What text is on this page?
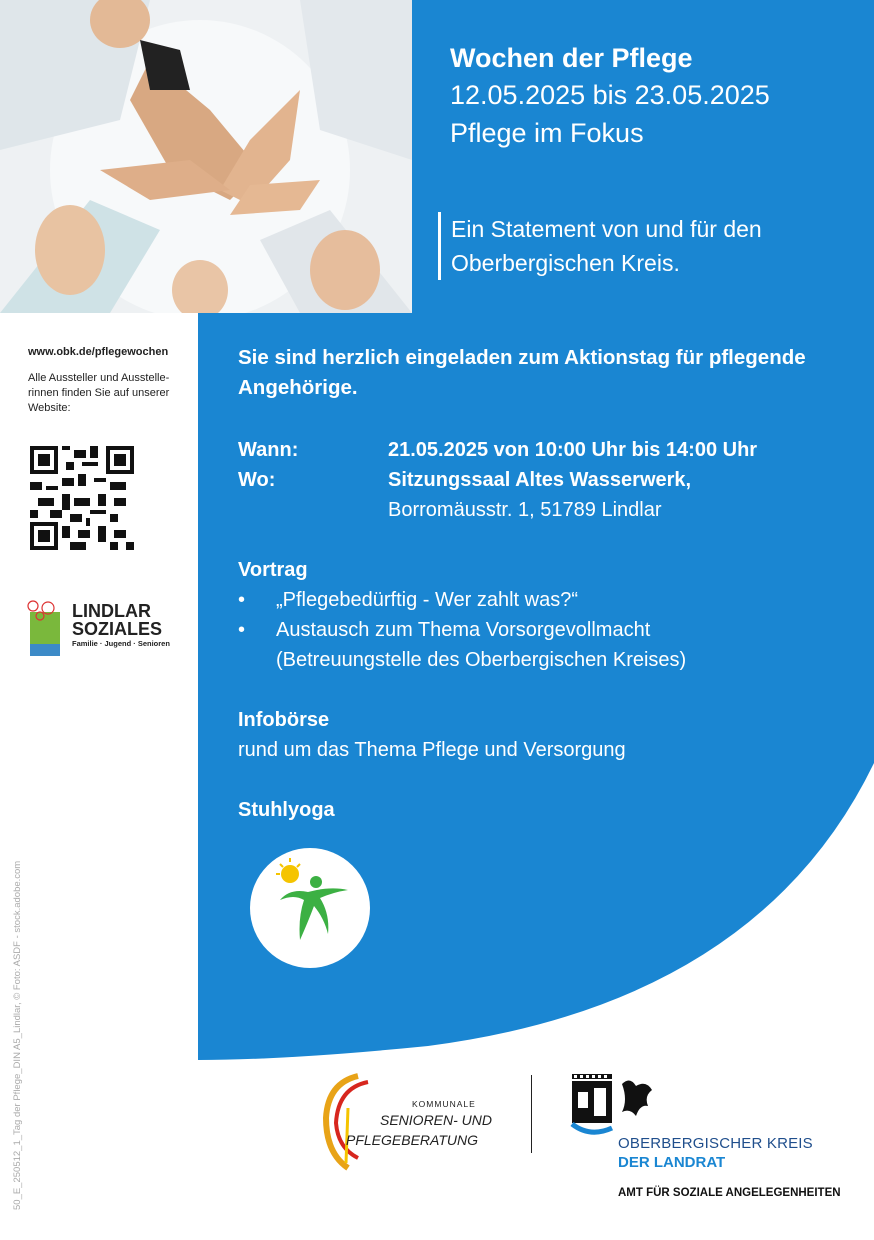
Wochen der Pflege
12.05.2025 bis 23.05.2025
Pflege im Fokus
Ein Statement von und für den
Oberbergischen Kreis.
www.obk.de/pflegewochen
Alle Aussteller und Ausstelle-
rinnen finden Sie auf unserer
Website:
LINDLAR
SOZIALES
Familie · Jugend · Senioren
50_E_250512_1_Tag der Pflege_DIN A5_Lindlar, © Foto: ASDF - stock.adobe.com
Sie sind herzlich eingeladen zum Aktionstag für pflegende
Angehörige.
Wann:	21.05.2025 von 10:00 Uhr bis 14:00 Uhr
Wo:	Sitzungssaal Altes Wasserwerk,
Borromäusstr. 1, 51789 Lindlar
Vortrag
•	„Pflegebedürftig - Wer zahlt was?“
•	Austausch zum Thema Vorsorgevollmacht
(Betreuungstelle des Oberbergischen Kreises)
Infobörse
rund um das Thema Pflege und Versorgung
Stuhlyoga
KOMMUNALE
SENIOREN- UND
PFLEGEBERATUNG	OBERBERGISCHER KREIS
DER LANDRAT
AMT FÜR SOZIALE ANGELEGENHEITEN
